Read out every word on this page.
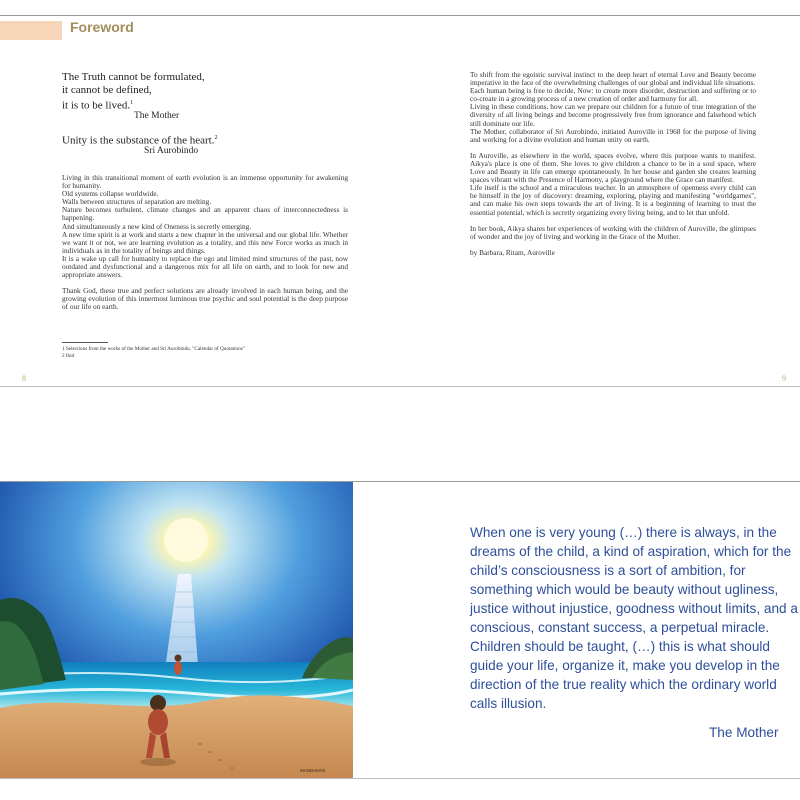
Foreword
The Truth cannot be formulated,
it cannot be defined,
it is to be lived.$^1$
The Mother
Unity is the substance of the heart.$^2$
Sri Aurobindo

Living in this transitional moment of earth evolution is an immense opportunity for awakening for humanity.

Old systems collapse worldwide.

Walls between structures of separation are melting.

Nature becomes turbulent, climate changes and an apparent chaos of interconnectedness is happening.

And simultaneously a new kind of Oneness is secretly emerging.

A new time spirit is at work and starts a new chapter in the universal and our global life. Whether we want it or not, we are learning evolution as a totality, and this new Force works as much in individuals as in the totality of beings and things.

It is a wake up call for humanity to replace the ego and limited mind structures of the past, now outdated and dysfunctional and a dangerous mix for all life on earth, and to look for new and appropriate answers.

Thank God, these true and perfect solutions are already involved in each human being, and the growing evolution of this innermost luminous true psychic and soul potential is the deep purpose of our life on earth.

1 Selections from the works of the Mother and Sri Aurobindo, "Calendar of Quotations"
2 Ibid
8

To shift from the egoistic survival instinct to the deep heart of eternal Love and Beauty become imperative in the face of the overwhelming challenges of our global and individual life situations.

Each human being is free to decide, Now: to create more disorder, destruction and suffering or to co-create in a growing process of a new creation of order and harmony for all.

Living in these conditions, how can we prepare our children for a future of true integration of the diversity of all living beings and become progressively free from ignorance and falsehood which still dominate our life.

The Mother, collaborator of Sri Aurobindo, initiated Auroville in 1968 for the purpose of living and working for a divine evolution and human unity on earth.

In Auroville, as elsewhere in the world, spaces evolve, where this purpose wants to manifest. Aikya's place is one of them. She loves to give children a chance to be in a soul space, where Love and Beauty in life can emerge spontaneously. In her house and garden she creates learning spaces vibrant with the Presence of Harmony, a playground where the Grace can manifest.

Life itself is the school and a miraculous teacher. In an atmosphere of openness every child can be himself in the joy of discovery: dreaming, exploring, playing and manifesting "worldgames", and can make his own steps towards the art of living. It is a beginning of learning to trust the essential potential, which is secretly organizing every living being, and to let that unfold.

In her book, Aikya shares her experiences of working with the children of Auroville, the glimpses of wonder and the joy of living and working in the Grace of the Mother.

by Barbara, Ritam, Auroville

9
MANDAKINI
When one is very young (…) there is always, in the dreams of the child, a kind of aspiration, which for the child’s consciousness is a sort of ambition, for something which would be beauty without ugliness, justice without injustice, goodness without limits, and a conscious, constant success, a perpetual miracle. Children should be taught, (…) this is what should guide your life, organize it, make you develop in the direction of the true reality which the ordinary world calls illusion.
The Mother
